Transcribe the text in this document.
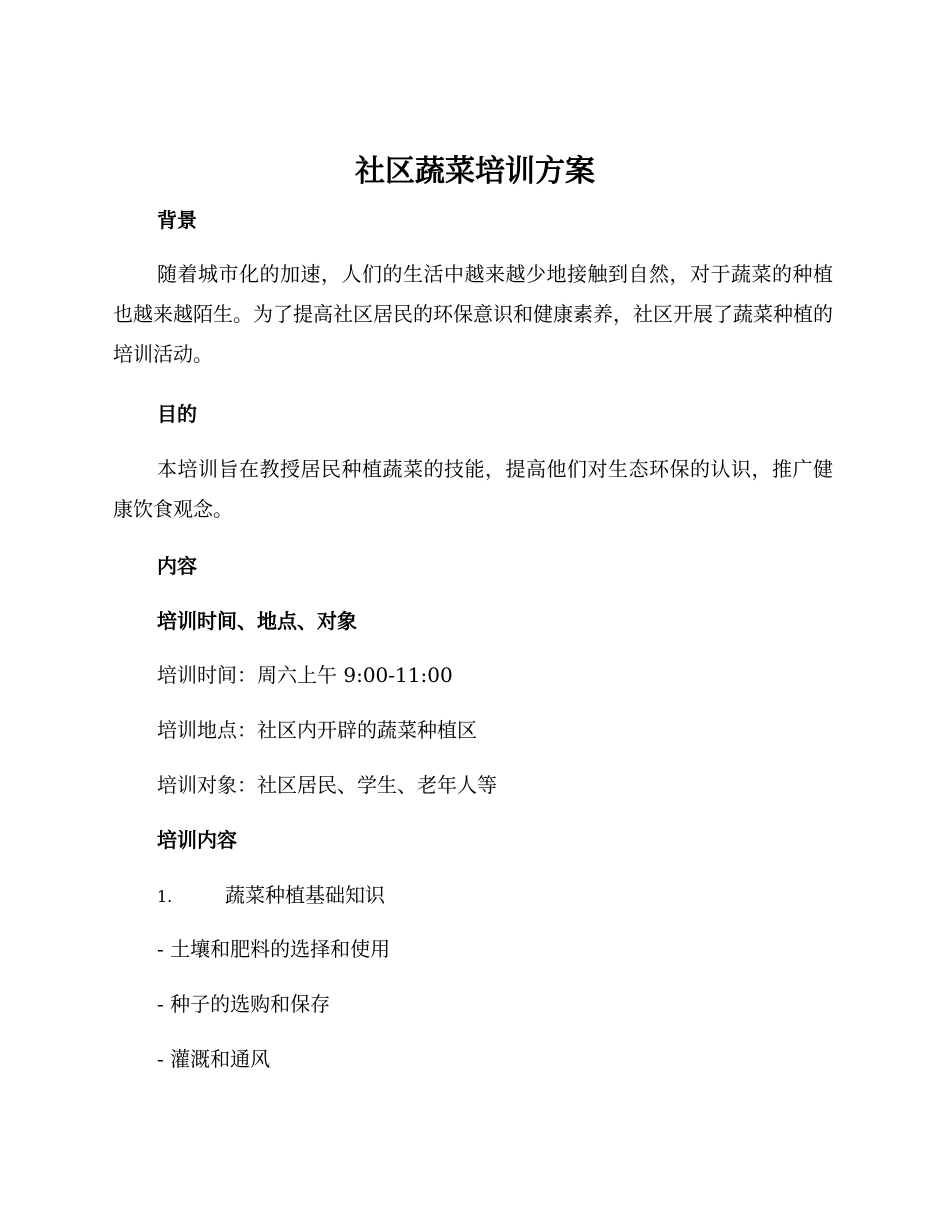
社区蔬菜培训方案
背景

随着城市化的加速，人们的生活中越来越少地接触到自然，对于蔬菜的种植也越来越陌生。为了提高社区居民的环保意识和健康素养，社区开展了蔬菜种植的培训活动。

目的

本培训旨在教授居民种植蔬菜的技能，提高他们对生态环保的认识，推广健康饮食观念。

内容
培训时间、地点、对象

培训时间：周六上午 9:00-11:00

培训地点：社区内开辟的蔬菜种植区

培训对象：社区居民、学生、老年人等

培训内容

1.	蔬菜种植基础知识

- 土壤和肥料的选择和使用

- 种子的选购和保存

- 灌溉和通风
